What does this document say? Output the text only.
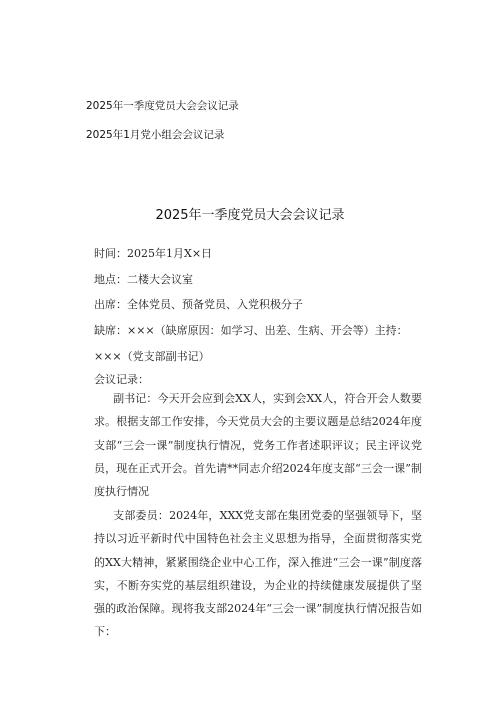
2025年一季度党员大会会议记录
2025年1月党小组会会议记录
2025年一季度党员大会会议记录
时间：2025年1月X×日
地点：二楼大会议室
出席：全体党员、预备党员、入党积极分子
缺席：×××（缺席原因：如学习、出差、生病、开会等）主持：
×××（党支部副书记）
会议记录：
副书记：今天开会应到会XX人，实到会XX人，符合开会人数要求。根据支部工作安排，今天党员大会的主要议题是总结2024年度支部“三会一课”制度执行情况，党务工作者述职评议；民主评议党员，现在正式开会。首先请**同志介绍2024年度支部“三会一课”制度执行情况
支部委员：2024年，XXX党支部在集团党委的坚强领导下，坚持以习近平新时代中国特色社会主义思想为指导，全面贯彻落实党的XX大精神，紧紧围绕企业中心工作，深入推进“三会一课”制度落实，不断夯实党的基层组织建设，为企业的持续健康发展提供了坚强的政治保障。现将我支部2024年“三会一课”制度执行情况报告如下：
